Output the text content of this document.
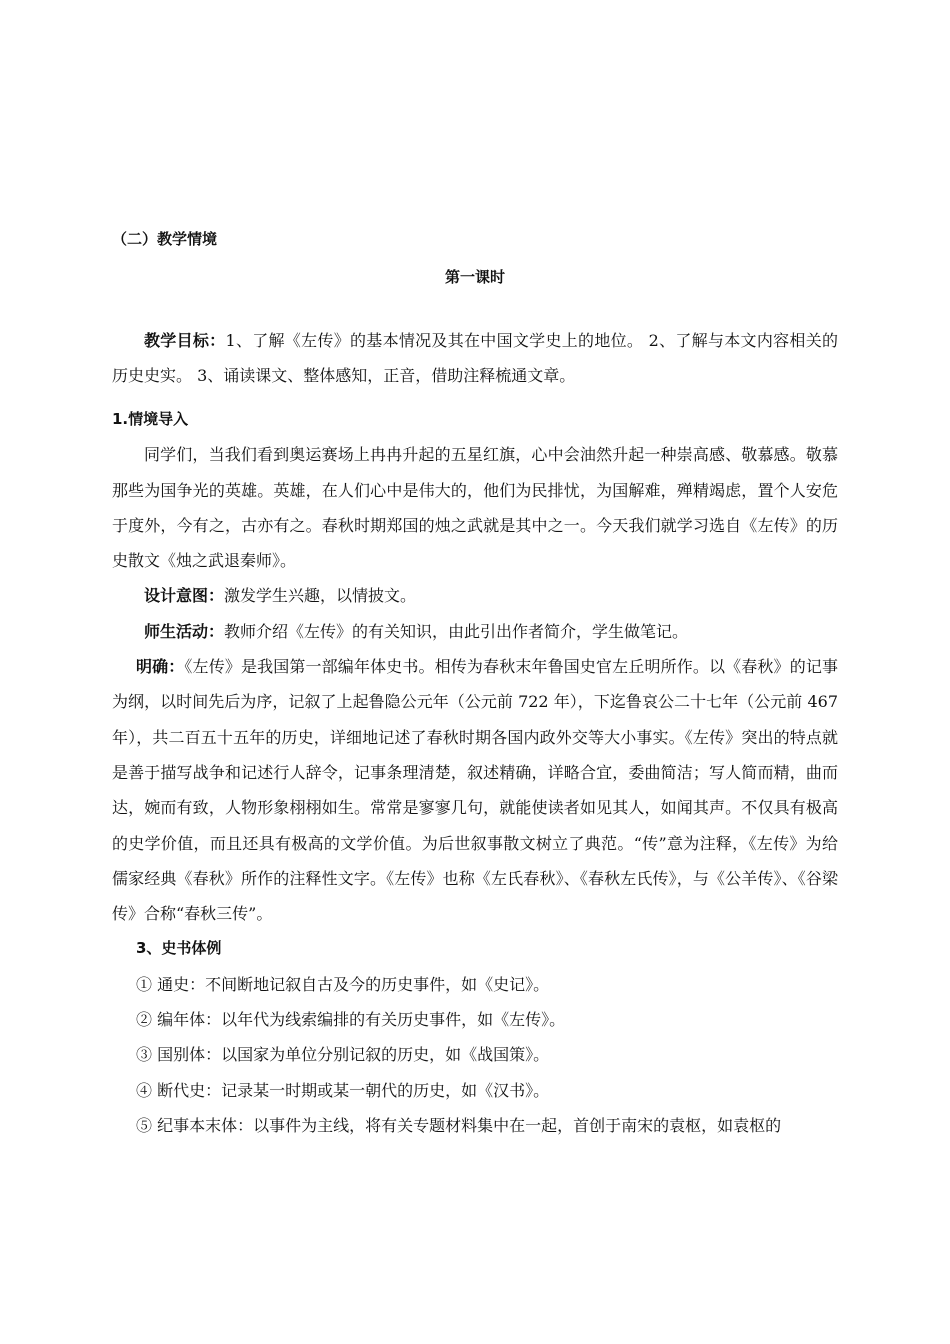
（二）教学情境
第一课时

教学目标：1、了解《左传》的基本情况及其在中国文学史上的地位。 2、了解与本文内容相关的历史史实。 3、诵读课文、整体感知，正音，借助注释梳通文章。

1.情境导入

同学们，当我们看到奥运赛场上冉冉升起的五星红旗，心中会油然升起一种崇高感、敬慕感。敬慕那些为国争光的英雄。英雄，在人们心中是伟大的，他们为民排忧，为国解难，殚精竭虑，置个人安危于度外，今有之，古亦有之。春秋时期郑国的烛之武就是其中之一。今天我们就学习选自《左传》的历史散文《烛之武退秦师》。

设计意图：激发学生兴趣，以情披文。

师生活动：教师介绍《左传》的有关知识，由此引出作者简介，学生做笔记。

明确：《左传》是我国第一部编年体史书。相传为春秋末年鲁国史官左丘明所作。以《春秋》的记事为纲，以时间先后为序，记叙了上起鲁隐公元年（公元前 722 年），下迄鲁哀公二十七年（公元前 467 年），共二百五十五年的历史，详细地记述了春秋时期各国内政外交等大小事实。《左传》突出的特点就是善于描写战争和记述行人辞令，记事条理清楚，叙述精确，详略合宜，委曲简洁；写人简而精，曲而达，婉而有致，人物形象栩栩如生。常常是寥寥几句，就能使读者如见其人，如闻其声。不仅具有极高的史学价值，而且还具有极高的文学价值。为后世叙事散文树立了典范。“传”意为注释，《左传》为给儒家经典《春秋》所作的注释性文字。《左传》也称《左氏春秋》、《春秋左氏传》，与《公羊传》、《谷梁传》合称“春秋三传”。

3、史书体例

① 通史：不间断地记叙自古及今的历史事件，如《史记》。

② 编年体：以年代为线索编排的有关历史事件，如《左传》。

③ 国别体：以国家为单位分别记叙的历史，如《战国策》。

④ 断代史：记录某一时期或某一朝代的历史，如《汉书》。

⑤ 纪事本末体：以事件为主线，将有关专题材料集中在一起，首创于南宋的袁枢，如袁枢的
